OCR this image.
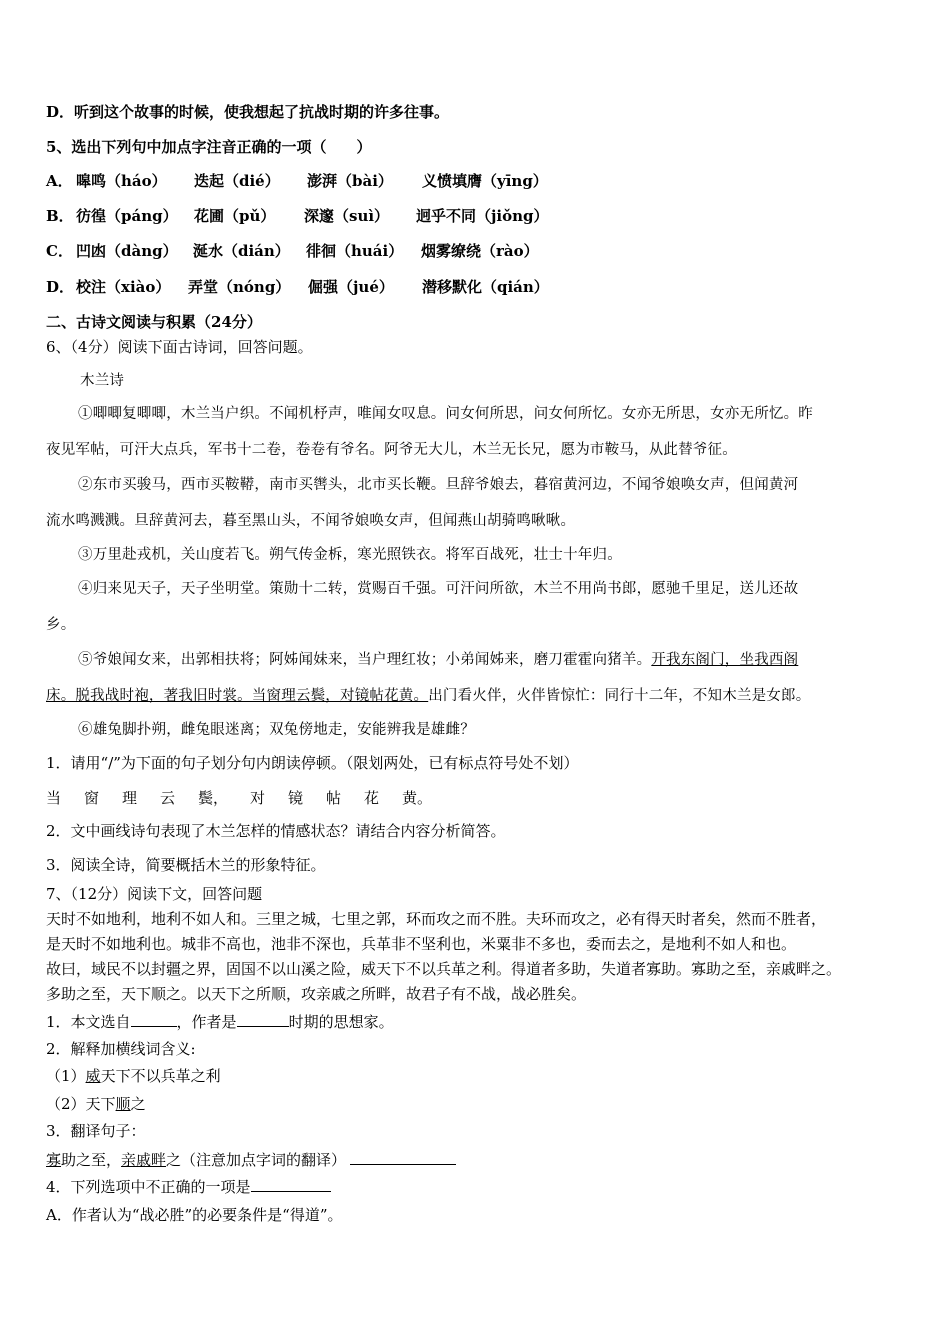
D．听到这个故事的时候，使我想起了抗战时期的许多往事。
5、选出下列句中加点字注音正确的一项（　　）
A． 嗥鸣（háo） 迭起（dié） 澎湃（bài） 义愤填膺（yīng）
B． 彷徨（páng） 花圃（pǔ） 深邃（suì） 迥乎不同（jiǒng）
C． 凹凼（dàng） 涎水（dián） 徘徊（huái） 烟雾缭绕（rào）
D． 校注（xiào） 弄堂（nóng） 倔强（jué） 潜移默化（qián）
二、古诗文阅读与积累（24分）
6、（4分）阅读下面古诗词，回答问题。
木兰诗
①唧唧复唧唧，木兰当户织。不闻机杼声，唯闻女叹息。问女何所思，问女何所忆。女亦无所思，女亦无所忆。昨
夜见军帖，可汗大点兵，军书十二卷，卷卷有爷名。阿爷无大儿，木兰无长兄，愿为市鞍马，从此替爷征。
②东市买骏马，西市买鞍鞯，南市买辔头，北市买长鞭。旦辞爷娘去，暮宿黄河边，不闻爷娘唤女声，但闻黄河
流水鸣溅溅。旦辞黄河去，暮至黑山头，不闻爷娘唤女声，但闻燕山胡骑鸣啾啾。
③万里赴戎机，关山度若飞。朔气传金柝，寒光照铁衣。将军百战死，壮士十年归。
④归来见天子，天子坐明堂。策勋十二转，赏赐百千强。可汗问所欲，木兰不用尚书郎，愿驰千里足，送儿还故
乡。
⑤爷娘闻女来，出郭相扶将；阿姊闻妹来，当户理红妆；小弟闻姊来，磨刀霍霍向猪羊。开我东阁门，坐我西阁
床。脱我战时袍，著我旧时裳。当窗理云鬓，对镜帖花黄。出门看火伴，火伴皆惊忙：同行十二年，不知木兰是女郎。
⑥雄兔脚扑朔，雌兔眼迷离；双兔傍地走，安能辨我是雄雌？
1．请用“/”为下面的句子划分句内朗读停顿。（限划两处，已有标点符号处不划）
当 窗 理 云 鬓， 对 镜 帖 花 黄。
2．文中画线诗句表现了木兰怎样的情感状态？请结合内容分析简答。
3．阅读全诗，简要概括木兰的形象特征。
7、（12分）阅读下文，回答问题
天时不如地利，地利不如人和。三里之城，七里之郭，环而攻之而不胜。夫环而攻之，必有得天时者矣，然而不胜者，
是天时不如地利也。城非不高也，池非不深也，兵革非不坚利也，米粟非不多也，委而去之，是地利不如人和也。
故曰，域民不以封疆之界，固国不以山溪之险，威天下不以兵革之利。得道者多助，失道者寡助。寡助之至，亲戚畔之。
多助之至，天下顺之。以天下之所顺，攻亲戚之所畔，故君子有不战，战必胜矣。
1．本文选自	，作者是	时期的思想家。
2．解释加横线词含义:
（1）威天下不以兵革之利
（2）天下顺之
3．翻译句子：
寡助之至，亲戚畔之（注意加点字词的翻译）
4．下列选项中不正确的一项是
A．作者认为“战必胜”的必要条件是“得道”。
